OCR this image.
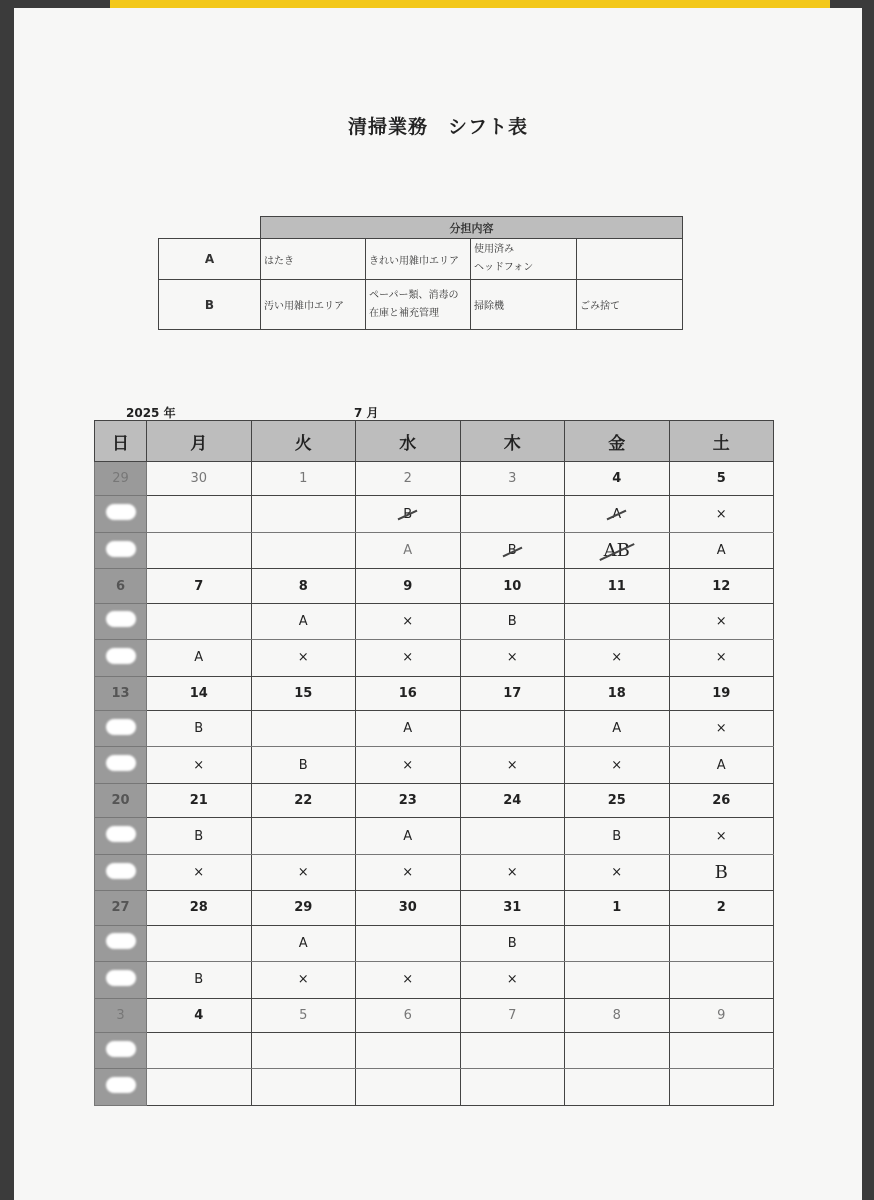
清掃業務　シフト表
	分担内容			
A	はたき	きれい用雑巾エリア	使用済み
ヘッドフォン	
B	汚い用雑巾エリア	ペーパー類、消毒の在庫と補充管理	掃除機	ごみ捨て
2025 年	7 月
日	月	火	水	木	金	土
29	30	1	2	3	4	5
			B		A	×
			A	B	AB	A
6	7	8	9	10	11	12
		A	×	B		×
	A	×	×	×	×	×
13	14	15	16	17	18	19
	B		A		A	×
	×	B	×	×	×	A
20	21	22	23	24	25	26
	B		A		B	×
	×	×	×	×	×	B
27	28	29	30	31	1	2
		A		B		
	B	×	×	×		
3	4	5	6	7	8	9
